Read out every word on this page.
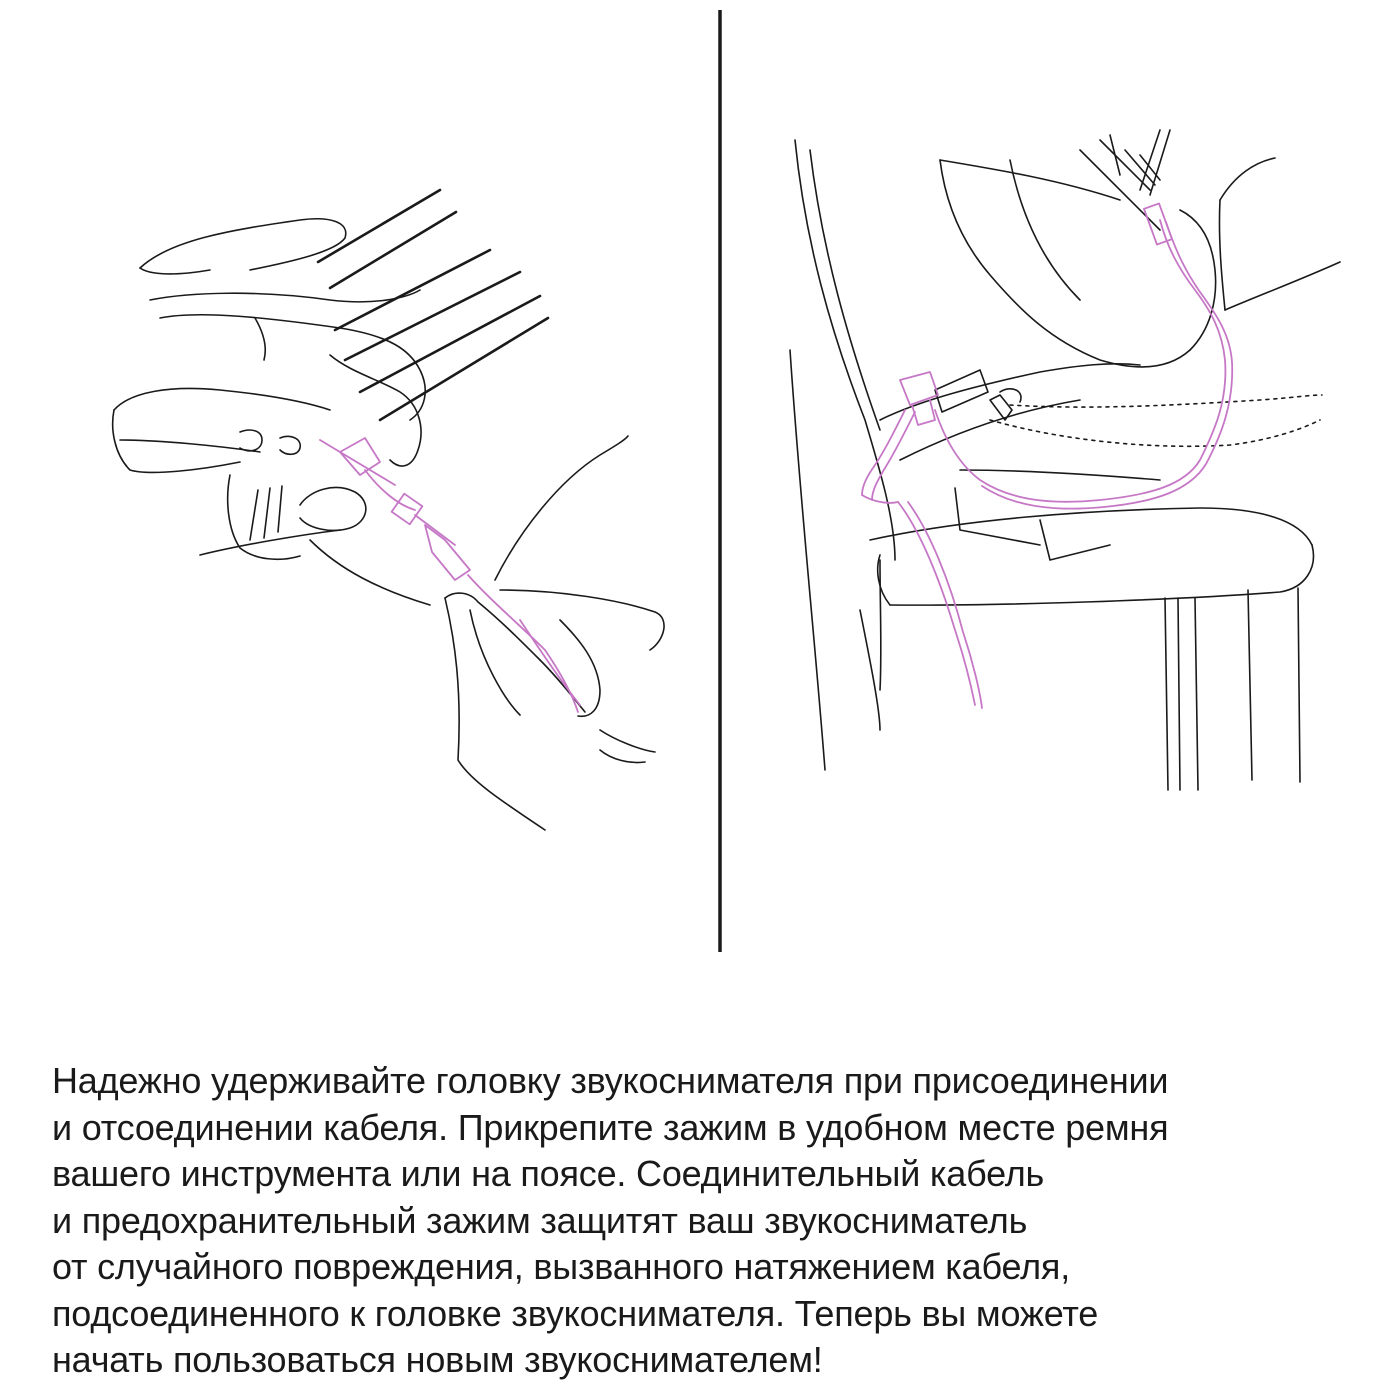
Надежно удерживайте головку звукоснимателя при присоединении
и отсоединении кабеля. Прикрепите зажим в удобном месте ремня
вашего инструмента или на поясе. Соединительный кабель
и предохранительный зажим защитят ваш звукосниматель
от случайного повреждения, вызванного натяжением кабеля,
подсоединенного к головке звукоснимателя. Теперь вы можете
начать пользоваться новым звукоснимателем!
